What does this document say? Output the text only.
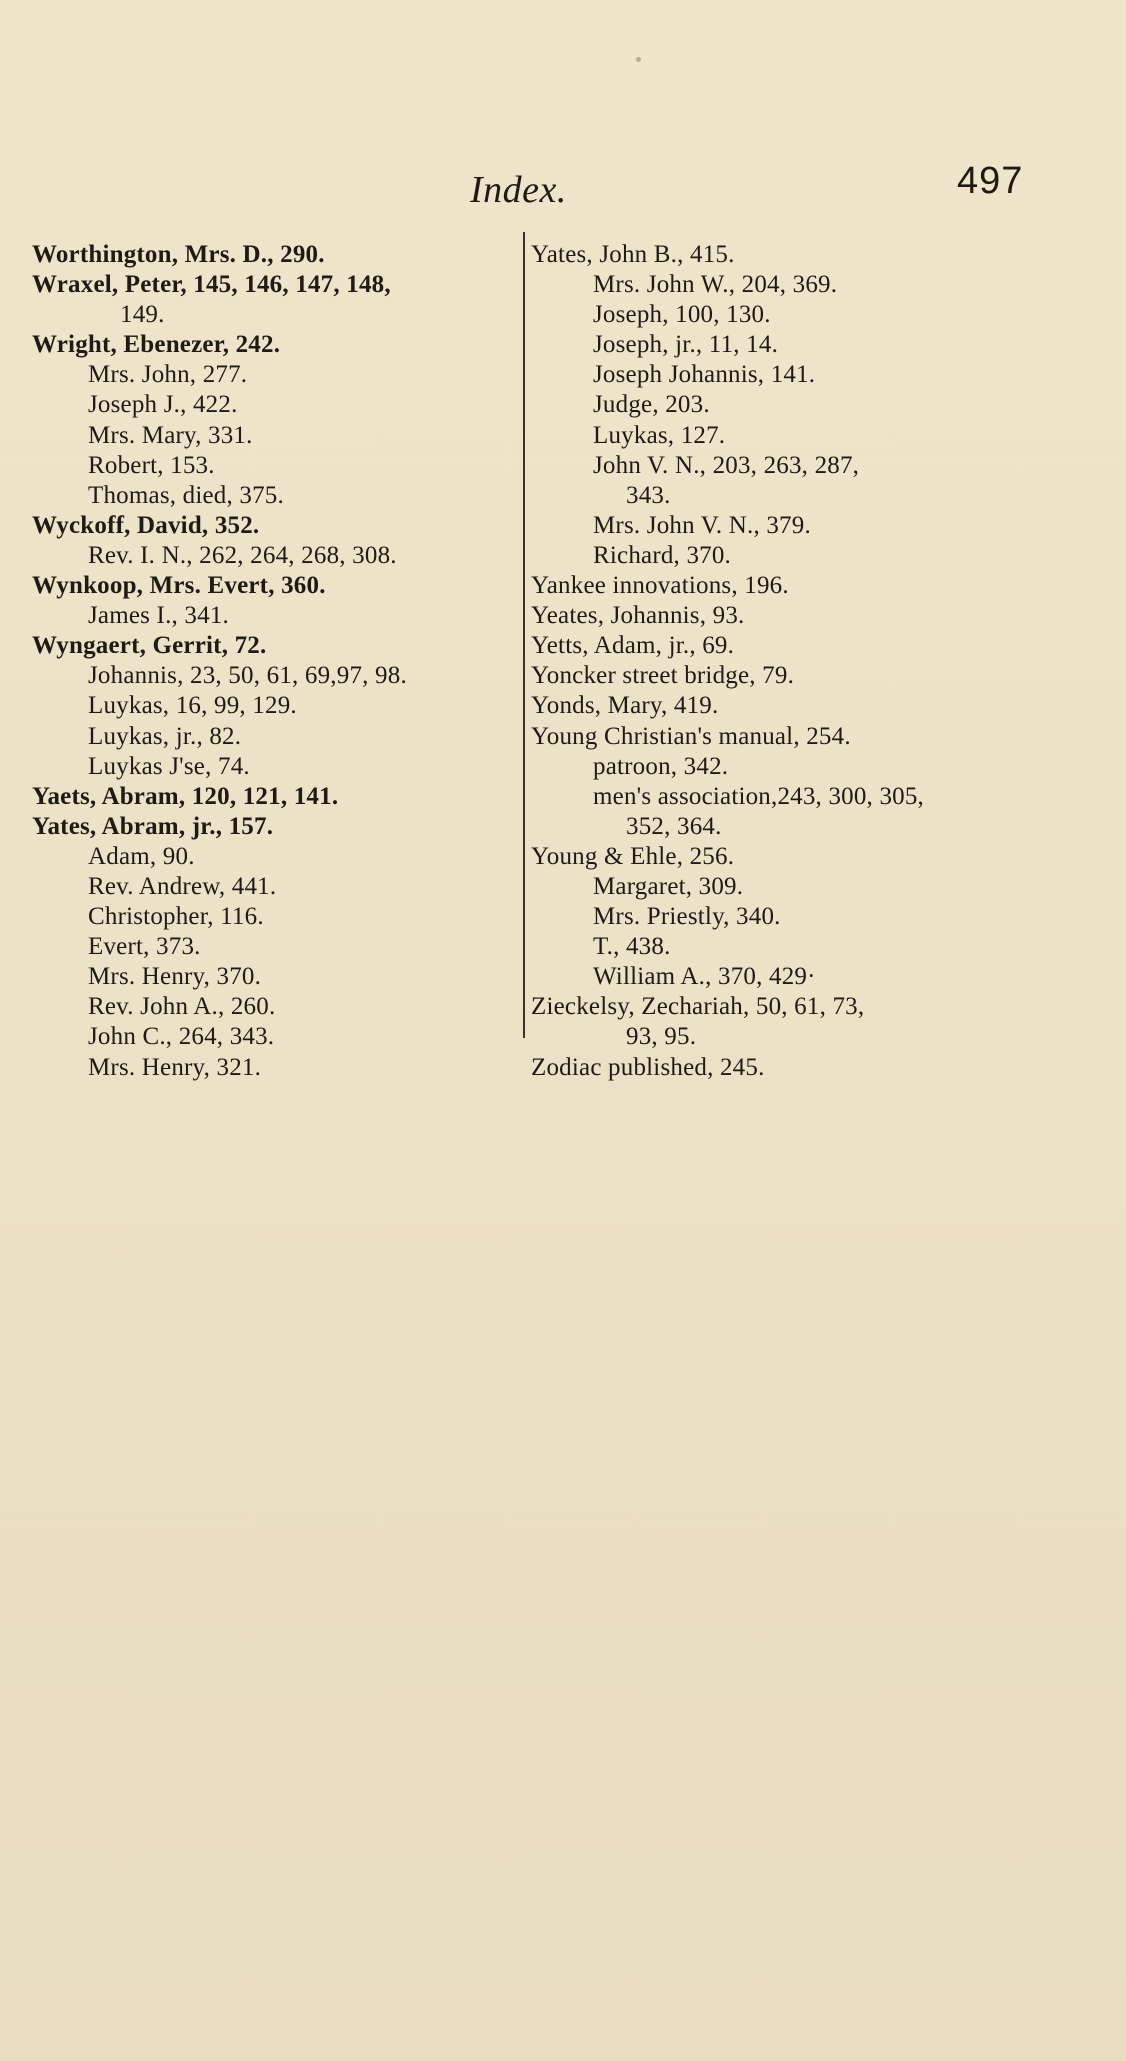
Index.	497
Worthington, Mrs. D., 290.
Wraxel, Peter, 145, 146, 147, 148,
149.
Wright, Ebenezer, 242.
Mrs. John, 277.
Joseph J., 422.
Mrs. Mary, 331.
Robert, 153.
Thomas, died, 375.
Wyckoff, David, 352.
Rev. I. N., 262, 264, 268, 308.
Wynkoop, Mrs. Evert, 360.
James I., 341.
Wyngaert, Gerrit, 72.
Johannis, 23, 50, 61, 69,97, 98.
Luykas, 16, 99, 129.
Luykas, jr., 82.
Luykas J'se, 74.
Yaets, Abram, 120, 121, 141.
Yates, Abram, jr., 157.
Adam, 90.
Rev. Andrew, 441.
Christopher, 116.
Evert, 373.
Mrs. Henry, 370.
Rev. John A., 260.
John C., 264, 343.
Mrs. Henry, 321.
Yates, John B., 415.
Mrs. John W., 204, 369.
Joseph, 100, 130.
Joseph, jr., 11, 14.
Joseph Johannis, 141.
Judge, 203.
Luykas, 127.
John V. N., 203, 263, 287,
343.
Mrs. John V. N., 379.
Richard, 370.
Yankee innovations, 196.
Yeates, Johannis, 93.
Yetts, Adam, jr., 69.
Yoncker street bridge, 79.
Yonds, Mary, 419.
Young Christian's manual, 254.
patroon, 342.
men's association,243, 300, 305,
352, 364.
Young & Ehle, 256.
Margaret, 309.
Mrs. Priestly, 340.
T., 438.
William A., 370, 429·
Zieckelsy, Zechariah, 50, 61, 73,
93, 95.
Zodiac published, 245.
